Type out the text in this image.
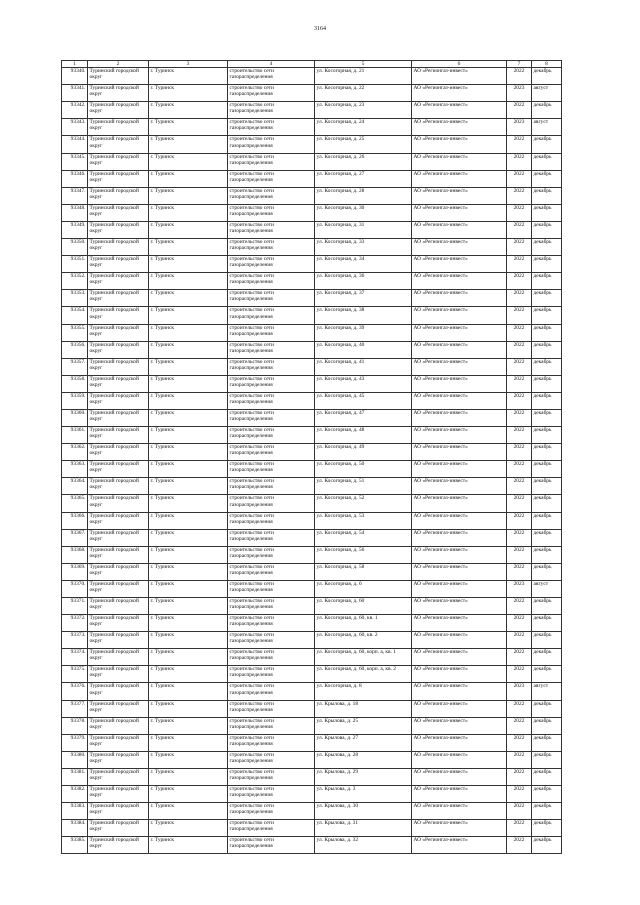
3164
1	2	3	4	5	6	7	8
93340.	Туринский городской округ	г. Туринск	строительство сети газораспределения	ул. Косогорная, д. 21	АО «Регионгаз-инвест»	2022	декабрь
93341.	Туринский городской округ	г. Туринск	строительство сети газораспределения	ул. Косогорная, д. 22	АО «Регионгаз-инвест»	2023	август
93342.	Туринский городской округ	г. Туринск	строительство сети газораспределения	ул. Косогорная, д. 23	АО «Регионгаз-инвест»	2022	декабрь
93343.	Туринский городской округ	г. Туринск	строительство сети газораспределения	ул. Косогорная, д. 24	АО «Регионгаз-инвест»	2023	август
93344.	Туринский городской округ	г. Туринск	строительство сети газораспределения	ул. Косогорная, д. 25	АО «Регионгаз-инвест»	2022	декабрь
93345.	Туринский городской округ	г. Туринск	строительство сети газораспределения	ул. Косогорная, д. 26	АО «Регионгаз-инвест»	2022	декабрь
93346.	Туринский городской округ	г. Туринск	строительство сети газораспределения	ул. Косогорная, д. 27	АО «Регионгаз-инвест»	2022	декабрь
93347.	Туринский городской округ	г. Туринск	строительство сети газораспределения	ул. Косогорная, д. 28	АО «Регионгаз-инвест»	2022	декабрь
93348.	Туринский городской округ	г. Туринск	строительство сети газораспределения	ул. Косогорная, д. 30	АО «Регионгаз-инвест»	2022	декабрь
93349.	Туринский городской округ	г. Туринск	строительство сети газораспределения	ул. Косогорная, д. 31	АО «Регионгаз-инвест»	2022	декабрь
93350.	Туринский городской округ	г. Туринск	строительство сети газораспределения	ул. Косогорная, д. 33	АО «Регионгаз-инвест»	2022	декабрь
93351.	Туринский городской округ	г. Туринск	строительство сети газораспределения	ул. Косогорная, д. 34	АО «Регионгаз-инвест»	2022	декабрь
93352.	Туринский городской округ	г. Туринск	строительство сети газораспределения	ул. Косогорная, д. 36	АО «Регионгаз-инвест»	2022	декабрь
93353.	Туринский городской округ	г. Туринск	строительство сети газораспределения	ул. Косогорная, д. 37	АО «Регионгаз-инвест»	2022	декабрь
93354.	Туринский городской округ	г. Туринск	строительство сети газораспределения	ул. Косогорная, д. 38	АО «Регионгаз-инвест»	2022	декабрь
93355.	Туринский городской округ	г. Туринск	строительство сети газораспределения	ул. Косогорная, д. 39	АО «Регионгаз-инвест»	2022	декабрь
93356.	Туринский городской округ	г. Туринск	строительство сети газораспределения	ул. Косогорная, д. 40	АО «Регионгаз-инвест»	2022	декабрь
93357.	Туринский городской округ	г. Туринск	строительство сети газораспределения	ул. Косогорная, д. 41	АО «Регионгаз-инвест»	2022	декабрь
93358.	Туринский городской округ	г. Туринск	строительство сети газораспределения	ул. Косогорная, д. 43	АО «Регионгаз-инвест»	2022	декабрь
93359.	Туринский городской округ	г. Туринск	строительство сети газораспределения	ул. Косогорная, д. 45	АО «Регионгаз-инвест»	2022	декабрь
93360.	Туринский городской округ	г. Туринск	строительство сети газораспределения	ул. Косогорная, д. 47	АО «Регионгаз-инвест»	2022	декабрь
93361.	Туринский городской округ	г. Туринск	строительство сети газораспределения	ул. Косогорная, д. 48	АО «Регионгаз-инвест»	2022	декабрь
93362.	Туринский городской округ	г. Туринск	строительство сети газораспределения	ул. Косогорная, д. 49	АО «Регионгаз-инвест»	2022	декабрь
93363.	Туринский городской округ	г. Туринск	строительство сети газораспределения	ул. Косогорная, д. 50	АО «Регионгаз-инвест»	2022	декабрь
93364.	Туринский городской округ	г. Туринск	строительство сети газораспределения	ул. Косогорная, д. 51	АО «Регионгаз-инвест»	2022	декабрь
93365.	Туринский городской округ	г. Туринск	строительство сети газораспределения	ул. Косогорная, д. 52	АО «Регионгаз-инвест»	2022	декабрь
93366.	Туринский городской округ	г. Туринск	строительство сети газораспределения	ул. Косогорная, д. 53	АО «Регионгаз-инвест»	2022	декабрь
93367.	Туринский городской округ	г. Туринск	строительство сети газораспределения	ул. Косогорная, д. 54	АО «Регионгаз-инвест»	2022	декабрь
93368.	Туринский городской округ	г. Туринск	строительство сети газораспределения	ул. Косогорная, д. 56	АО «Регионгаз-инвест»	2022	декабрь
93369.	Туринский городской округ	г. Туринск	строительство сети газораспределения	ул. Косогорная, д. 58	АО «Регионгаз-инвест»	2022	декабрь
93370.	Туринский городской округ	г. Туринск	строительство сети газораспределения	ул. Косогорная, д. 6	АО «Регионгаз-инвест»	2023	август
93371.	Туринский городской округ	г. Туринск	строительство сети газораспределения	ул. Косогорная, д. 60	АО «Регионгаз-инвест»	2022	декабрь
93372.	Туринский городской округ	г. Туринск	строительство сети газораспределения	ул. Косогорная, д. 60, кв. 1	АО «Регионгаз-инвест»	2022	декабрь
93373.	Туринский городской округ	г. Туринск	строительство сети газораспределения	ул. Косогорная, д. 60, кв. 2	АО «Регионгаз-инвест»	2022	декабрь
93374.	Туринский городской округ	г. Туринск	строительство сети газораспределения	ул. Косогорная, д. 60, корп. а, кв. 1	АО «Регионгаз-инвест»	2022	декабрь
93375.	Туринский городской округ	г. Туринск	строительство сети газораспределения	ул. Косогорная, д. 60, корп. а, кв. 2	АО «Регионгаз-инвест»	2022	декабрь
93376.	Туринский городской округ	г. Туринск	строительство сети газораспределения	ул. Косогорная, д. 8	АО «Регионгаз-инвест»	2023	август
93377.	Туринский городской округ	г. Туринск	строительство сети газораспределения	ул. Крылова, д. 18	АО «Регионгаз-инвест»	2022	декабрь
93378.	Туринский городской округ	г. Туринск	строительство сети газораспределения	ул. Крылова, д. 25	АО «Регионгаз-инвест»	2022	декабрь
93379.	Туринский городской округ	г. Туринск	строительство сети газораспределения	ул. Крылова, д. 27	АО «Регионгаз-инвест»	2022	декабрь
93380.	Туринский городской округ	г. Туринск	строительство сети газораспределения	ул. Крылова, д. 28	АО «Регионгаз-инвест»	2022	декабрь
93381.	Туринский городской округ	г. Туринск	строительство сети газораспределения	ул. Крылова, д. 29	АО «Регионгаз-инвест»	2022	декабрь
93382.	Туринский городской округ	г. Туринск	строительство сети газораспределения	ул. Крылова, д. 3	АО «Регионгаз-инвест»	2022	декабрь
93383.	Туринский городской округ	г. Туринск	строительство сети газораспределения	ул. Крылова, д. 30	АО «Регионгаз-инвест»	2022	декабрь
93384.	Туринский городской округ	г. Туринск	строительство сети газораспределения	ул. Крылова, д. 31	АО «Регионгаз-инвест»	2022	декабрь
93385.	Туринский городской округ	г. Туринск	строительство сети газораспределения	ул. Крылова, д. 32	АО «Регионгаз-инвест»	2022	декабрь
